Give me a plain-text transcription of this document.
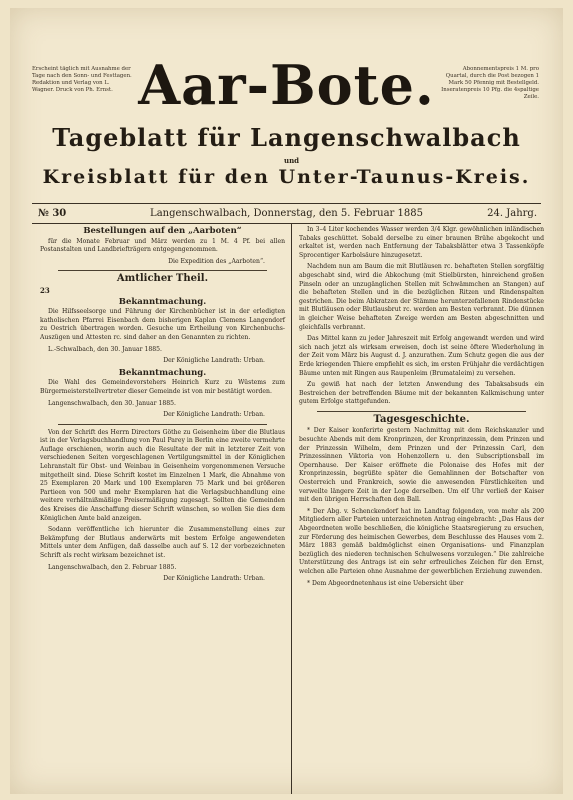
Erscheint täglich mit Ausnahme der Tage nach den Sonn- und Festtagen. Redaktion und Verlag von L. Wagner. Druck von Ph. Ernst.
Abonnementspreis 1 M. pro Quartal, durch die Post bezogen 1 Mark 50 Pfennig mit Bestellgeld. Inseratenpreis 10 Pfg. die 4spaltige Zeile.
Aar-Bote.
Tageblatt für Langenschwalbach
und
Kreisblatt für den Unter-Taunus-Kreis.
№ 30	Langenschwalbach, Donnerstag, den 5. Februar 1885	24. Jahrg.
Bestellungen auf den „Aarboten“

für die Monate Februar und März werden zu 1 M. 4 Pf. bei allen Postanstalten und Landbriefträgern entgegengenommen.

Die Expedition des „Aarboten“.

Amtlicher Theil.
23

Bekanntmachung.

Die Hilfsseelsorge und Führung der Kirchenbücher ist in der erledigten katholischen Pfarrei Eisenbach dem bisherigen Kaplan Clemens Langendorf zu Oestrich übertragen worden. Gesuche um Ertheilung von Kirchenbuchs-Auszügen und Attesten rc. sind daher an den Genannten zu richten.

L.-Schwalbach, den 30. Januar 1885.

Der Königliche Landrath: Urban.

Bekanntmachung.

Die Wahl des Gemeindevorstehers Heinrich Kurz zu Wüstems zum Bürgermeisterstellvertreter dieser Gemeinde ist von mir bestätigt worden.

Langenschwalbach, den 30. Januar 1885.

Der Königliche Landrath: Urban.

Von der Schrift des Herrn Directors Göthe zu Geisenheim über die Blutlaus ist in der Verlagsbuchhandlung von Paul Parey in Berlin eine zweite vermehrte Auflage erschienen, worin auch die Resultate der mit in letzterer Zeit von verschiedenen Seiten vorgeschlagenen Vertilgungsmittel in der Königlichen Lehranstalt für Obst- und Weinbau in Geisenheim vorgenommenen Versuche mitgetheilt sind. Diese Schrift kostet im Einzelnen 1 Mark, die Abnahme von 25 Exemplaren 20 Mark und 100 Exemplaren 75 Mark und bei größeren Partieen von 500 und mehr Exemplaren hat die Verlagsbuchhandlung eine weitere verhältnißmäßige Preisermäßigung zugesagt. Sollten die Gemeinden des Kreises die Anschaffung dieser Schrift wünschen, so wollen Sie dies dem Königlichen Amte bald anzeigen.

Sodann veröffentliche ich hierunter die Zusammenstellung eines zur Bekämpfung der Blutlaus anderwärts mit bestem Erfolge angewendeten Mittels unter dem Anfügen, daß dasselbe auch auf S. 12 der vorbezeichneten Schrift als recht wirksam bezeichnet ist.

Langenschwalbach, den 2. Februar 1885.

Der Königliche Landrath: Urban.

In 3–4 Liter kochendes Wasser werden 3/4 Klgr. gewöhnlichen inländischen Tabaks geschüttet. Sobald derselbe zu einer braunen Brühe abgekocht und erkaltet ist, werden nach Entfernung der Tabaksblätter etwa 3 Tassenköpfe Sprocentiger Karbolsäure hinzugesetzt.

Nachdem nun am Baum die mit Blutläusen rc. behafteten Stellen sorgfältig abgeschabt sind, wird die Abkochung (mit Stielbürsten, hinreichend großen Pinseln oder an unzugänglichen Stellen mit Schwämmchen an Stangen) auf die behafteten Stellen und in die bezüglichen Ritzen und Rindenspalten gestrichen. Die beim Abkratzen der Stämme herunterzefallenen Rindenstücke mit Blutläusen oder Blutlausbrut rc. werden am Besten verbrannt. Die dünnen in gleicher Weise behafteten Zweige werden am Besten abgeschnitten und gleichfalls verbrannt.

Das Mittel kann zu jeder Jahreszeit mit Erfolg angewandt werden und wird sich nach jetzt als wirksam erweisen, doch ist seine öftere Wiederholung in der Zeit vom März bis August d. J. anzurathen. Zum Schutz gegen die aus der Erde kriegenden Thiere empfiehlt es sich, im ersten Frühjahr die verdächtigen Bäume unten mit Ringen aus Raupenleim (Brumataleim) zu versehen.

Zu gewiß hat nach der letzten Anwendung des Tabaksabsuds ein Bestreichen der betreffenden Bäume mit der bekannten Kalkmischung unter gutem Erfolge stattgefunden.

Tagesgeschichte.

* Der Kaiser konferirte gestern Nachmittag mit dem Reichskanzler und besuchte Abends mit dem Kronprinzen, der Kronprinzessin, dem Prinzen und der Prinzessin Wilhelm, dem Prinzen und der Prinzessin Carl, den Prinzessinnen Viktoria von Hohenzollern u. den Subscriptionsball im Opernhause. Der Kaiser eröffnete die Polonaise des Hofes mit der Kronprinzessin, begrüßte später die Gemahlinnen der Botschafter von Oesterreich und Frankreich, sowie die anwesenden Fürstlichkeiten und verweilte längere Zeit in der Loge derselben. Um elf Uhr verließ der Kaiser mit den übrigen Herrschaften den Ball.

* Der Abg. v. Schenckendorf hat im Landtag folgenden, von mehr als 200 Mitgliedern aller Parteien unterzeichneten Antrag eingebracht: „Das Haus der Abgeordneten wolle beschließen, die königliche Staatsregierung zu ersuchen, zur Förderung des heimischen Gewerbes, dem Beschlusse des Hauses vom 2. März 1883 gemäß baldmöglichst einen Organisations- und Finanzplan bezüglich des niederen technischen Schulwesens vorzulegen.“ Die zahlreiche Unterstützung des Antrags ist ein sehr erfreuliches Zeichen für den Ernst, welchen alle Parteien ohne Ausnahme der gewerblichen Erziehung zuwenden.

* Dem Abgeordnetenhaus ist eine Uebersicht über
